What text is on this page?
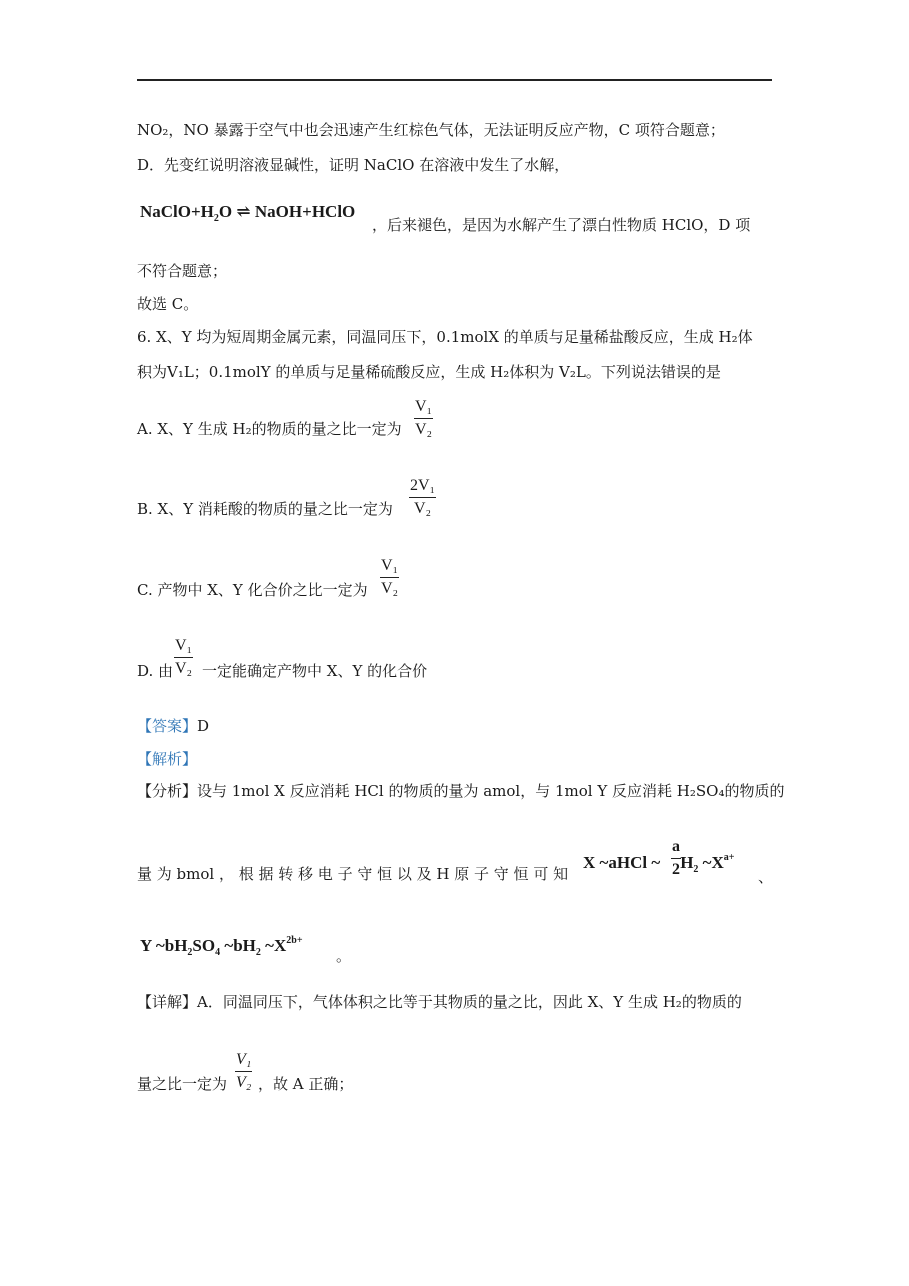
NO₂，NO 暴露于空气中也会迅速产生红棕色气体，无法证明反应产物，C 项符合题意；
D．先变红说明溶液显碱性，证明 NaClO 在溶液中发生了水解，
$NaClO+H_2O$ ⇌ NaOH+HClO
，后来褪色，是因为水解产生了漂白性物质 HClO，D 项
不符合题意；
故选 C。
6. X、Y 均为短周期金属元素，同温同压下，0.1molX 的单质与足量稀盐酸反应，生成 H₂体
积为V₁L；0.1molY 的单质与足量稀硫酸反应，生成 H₂体积为 V₂L。下列说法错误的是
A. X、Y 生成 H₂的物质的量之比一定为 $\frac{\text{V₁}}{\text{V₂}}$
B. X、Y 消耗酸的物质的量之比一定为 $\frac{\text{2V₁}}{\text{V₂}}$
C. 产物中 X、Y 化合价之比一定为 $\frac{\text{V₁}}{\text{V₂}}$
D. 由 $\frac{\text{V₁}}{\text{V₂}}$ 一定能确定产物中 X、Y 的化合价
【答案】D
【解析】
【分析】设与 1mol X 反应消耗 HCl 的物质的量为 amol，与 1mol Y 反应消耗 H₂SO₄的物质的
量 为 bmol ， 根 据 转 移 电 子 守 恒 以 及 H 原 子 守 恒 可 知
X ~aHCl ~ $H_2$ $\sim X^{a+}$
$\frac{a}{2}$	、
Y $\sim bH_2SO_4$ $\sim bH_2$ $\sim X^{2b+}$
。
【详解】A．同温同压下，气体体积之比等于其物质的量之比，因此 X、Y 生成 H₂的物质的
量之比一定为 $\frac{\text{V₁}}{\text{V₂}}$ ，故 A 正确；
